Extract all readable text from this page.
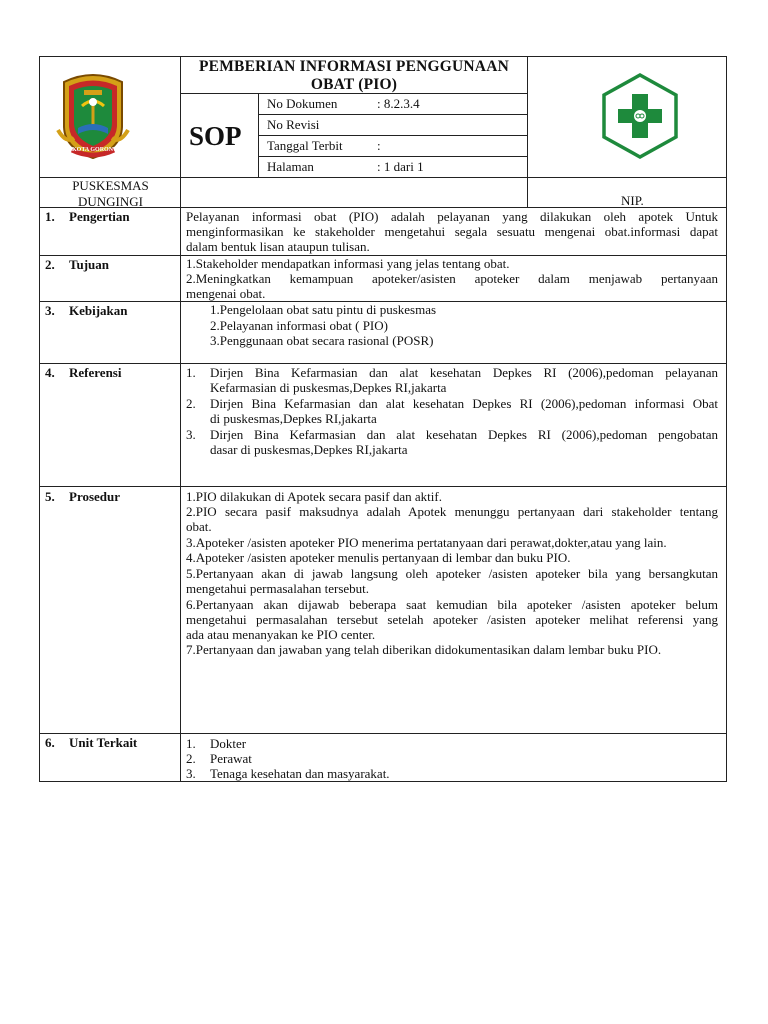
KOTA GORONTALO
PEMBERIAN INFORMASI PENGGUNAAN
OBAT (PIO)
SOP
No Dokumen	: 8.2.3.4
No Revisi
Tanggal Terbit	:
Halaman	: 1 dari 1
PUSKESMAS
DUNGINGI	NIP.
1. Pengertian	Pelayanan informasi obat (PIO) adalah pelayanan yang dilakukan oleh apotek Untuk
menginformasikan ke stakeholder mengetahui segala sesuatu mengenai obat.informasi dapat
dalam bentuk lisan ataupun tulisan.
2. Tujuan	1.Stakeholder mendapatkan informasi yang jelas tentang obat.
2.Meningkatkan kemampuan apoteker/asisten apoteker dalam menjawab pertanyaan
mengenai obat.
3. Kebijakan	1.Pengelolaan obat satu pintu di puskesmas
2.Pelayanan informasi obat ( PIO)
3.Penggunaan obat secara rasional (POSR)
4. Referensi	1. Dirjen Bina Kefarmasian dan alat kesehatan Depkes RI (2006),pedoman pelayanan
Kefarmasian di puskesmas,Depkes RI,jakarta
2. Dirjen Bina Kefarmasian dan alat kesehatan Depkes RI (2006),pedoman informasi Obat
di puskesmas,Depkes RI,jakarta
3. Dirjen Bina Kefarmasian dan alat kesehatan Depkes RI (2006),pedoman pengobatan
dasar di puskesmas,Depkes RI,jakarta
5. Prosedur	1.PIO dilakukan di Apotek secara pasif dan aktif.
2.PIO secara pasif maksudnya adalah Apotek menunggu pertanyaan dari stakeholder tentang
obat.
3.Apoteker /asisten apoteker PIO menerima pertatanyaan dari perawat,dokter,atau yang lain.
4.Apoteker /asisten apoteker menulis pertanyaan di lembar dan buku PIO.
5.Pertanyaan akan di jawab langsung oleh apoteker /asisten apoteker bila yang bersangkutan
mengetahui permasalahan tersebut.
6.Pertanyaan akan dijawab beberapa saat kemudian bila apoteker /asisten apoteker belum
mengetahui permasalahan tersebut setelah apoteker /asisten apoteker melihat referensi yang
ada atau menanyakan ke PIO center.
7.Pertanyaan dan jawaban yang telah diberikan didokumentasikan dalam lembar buku PIO.
6. Unit Terkait	1. Dokter
2. Perawat
3. Tenaga kesehatan dan masyarakat.
